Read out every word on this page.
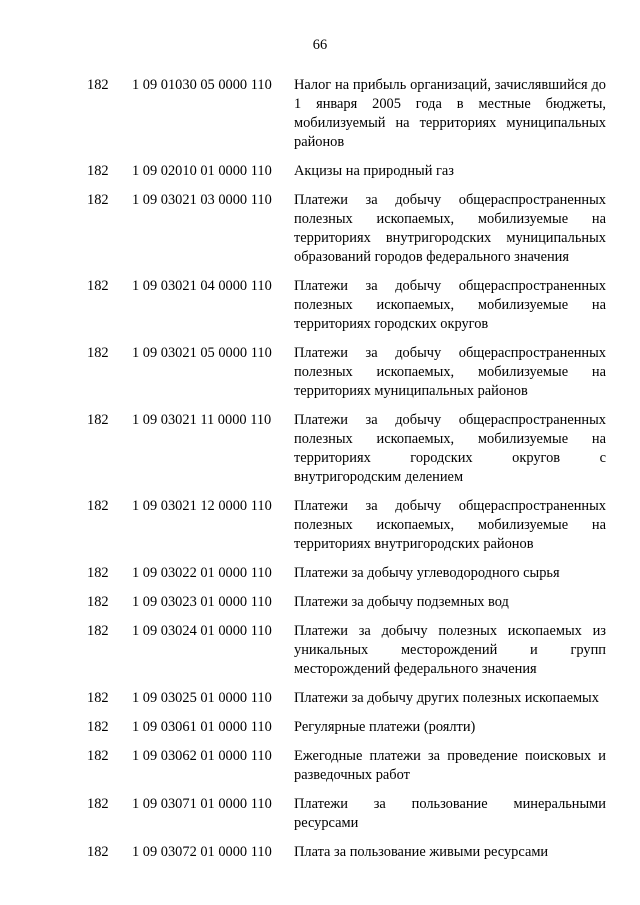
66
182	1 09 01030 05 0000 110	Налог на прибыль организаций, зачислявшийся до 1 января 2005 года в местные бюджеты, мобилизуемый на территориях муниципальных районов
182	1 09 02010 01 0000 110	Акцизы на природный газ
182	1 09 03021 03 0000 110	Платежи за добычу общераспространенных полезных ископаемых, мобилизуемые на территориях внутригородских муниципальных образований городов федерального значения
182	1 09 03021 04 0000 110	Платежи за добычу общераспространенных полезных ископаемых, мобилизуемые на территориях городских округов
182	1 09 03021 05 0000 110	Платежи за добычу общераспространенных полезных ископаемых, мобилизуемые на территориях муниципальных районов
182	1 09 03021 11 0000 110	Платежи за добычу общераспространенных полезных ископаемых, мобилизуемые на территориях городских округов с внутригородским делением
182	1 09 03021 12 0000 110	Платежи за добычу общераспространенных полезных ископаемых, мобилизуемые на территориях внутригородских районов
182	1 09 03022 01 0000 110	Платежи за добычу углеводородного сырья
182	1 09 03023 01 0000 110	Платежи за добычу подземных вод
182	1 09 03024 01 0000 110	Платежи за добычу полезных ископаемых из уникальных месторождений и групп месторождений федерального значения
182	1 09 03025 01 0000 110	Платежи за добычу других полезных ископаемых
182	1 09 03061 01 0000 110	Регулярные платежи (роялти)
182	1 09 03062 01 0000 110	Ежегодные платежи за проведение поисковых и разведочных работ
182	1 09 03071 01 0000 110	Платежи за пользование минеральными ресурсами
182	1 09 03072 01 0000 110	Плата за пользование живыми ресурсами
